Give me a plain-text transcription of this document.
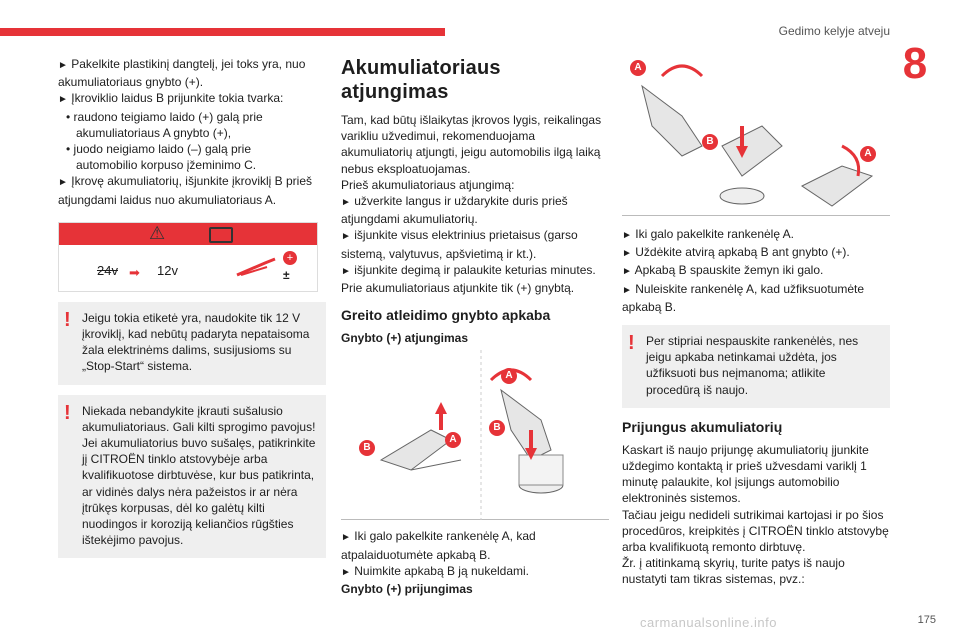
Gedimo kelyje atveju
8

► Pakelkite plastikinį dangtelį, jei toks yra, nuo akumuliatoriaus gnybto (+).

► Įkroviklio laidus B prijunkite tokia tvarka:

• raudono teigiamo laido (+) galą prie

akumuliatoriaus A gnybto (+),

• juodo neigiamo laido (–) galą prie

automobilio korpuso įžeminimo C.

► Įkrovę akumuliatorių, išjunkite įkroviklį B prieš atjungdami laidus nuo akumuliatoriaus A.

⚠
24v ➡ 12v
+
±
! Jeigu tokia etiketė yra, naudokite tik 12 V įkroviklį, kad nebūtų padaryta nepataisoma žala elektrinėms dalims, susijusioms su „Stop-Start“ sistema.

! Niekada nebandykite įkrauti sušalusio akumuliatoriaus. Gali kilti sprogimo pavojus!

Jei akumuliatorius buvo sušalęs, patikrinkite jį CITROËN tinklo atstovybėje arba kvalifikuotose dirbtuvėse, kur bus patikrinta, ar vidinės dalys nėra pažeistos ir ar nėra įtrūkęs korpusas, dėl ko galėtų kilti nuodingos ir koroziją keliančios rūgšties ištekėjimo pavojus.

Akumuliatoriaus atjungimas

Tam, kad būtų išlaikytas įkrovos lygis, reikalingas varikliu užvedimui, rekomenduojama akumuliatorių atjungti, jeigu automobilis ilgą laiką nebus eksploatuojamas.

Prieš akumuliatoriaus atjungimą:

► užverkite langus ir uždarykite duris prieš atjungdami akumuliatorių.

► išjunkite visus elektrinius prietaisus (garso sistemą, valytuvus, apšvietimą ir kt.).

► išjunkite degimą ir palaukite keturias minutes.

Prie akumuliatoriaus atjunkite tik (+) gnybtą.

Greito atleidimo gnybto apkaba
Gnybto (+) atjungimas
A
B
A
B

► Iki galo pakelkite rankenėlę A, kad atpalaiduotumėte apkabą B.

► Nuimkite apkabą B ją nukeldami.

Gnybto (+) prijungimas
A
B
A

► Iki galo pakelkite rankenėlę A.

► Uždėkite atvirą apkabą B ant gnybto (+).

► Apkabą B spauskite žemyn iki galo.

► Nuleiskite rankenėlę A, kad užfiksuotumėte apkabą B.

! Per stipriai nespauskite rankenėlės, nes jeigu apkaba netinkamai uždėta, jos užfiksuoti bus neįmanoma; atlikite procedūrą iš naujo.

Prijungus akumuliatorių

Kaskart iš naujo prijungę akumuliatorių įjunkite uždegimo kontaktą ir prieš užvesdami variklį 1 minutę palaukite, kol įsijungs automobilio elektroninės sistemos.

Tačiau jeigu nedideli sutrikimai kartojasi ir po šios procedūros, kreipkitės į CITROËN tinklo atstovybę arba kvalifikuotą remonto dirbtuvę.

Žr. į atitinkamą skyrių, turite patys iš naujo nustatyti tam tikras sistemas, pvz.:

carmanualsonline.info	175
